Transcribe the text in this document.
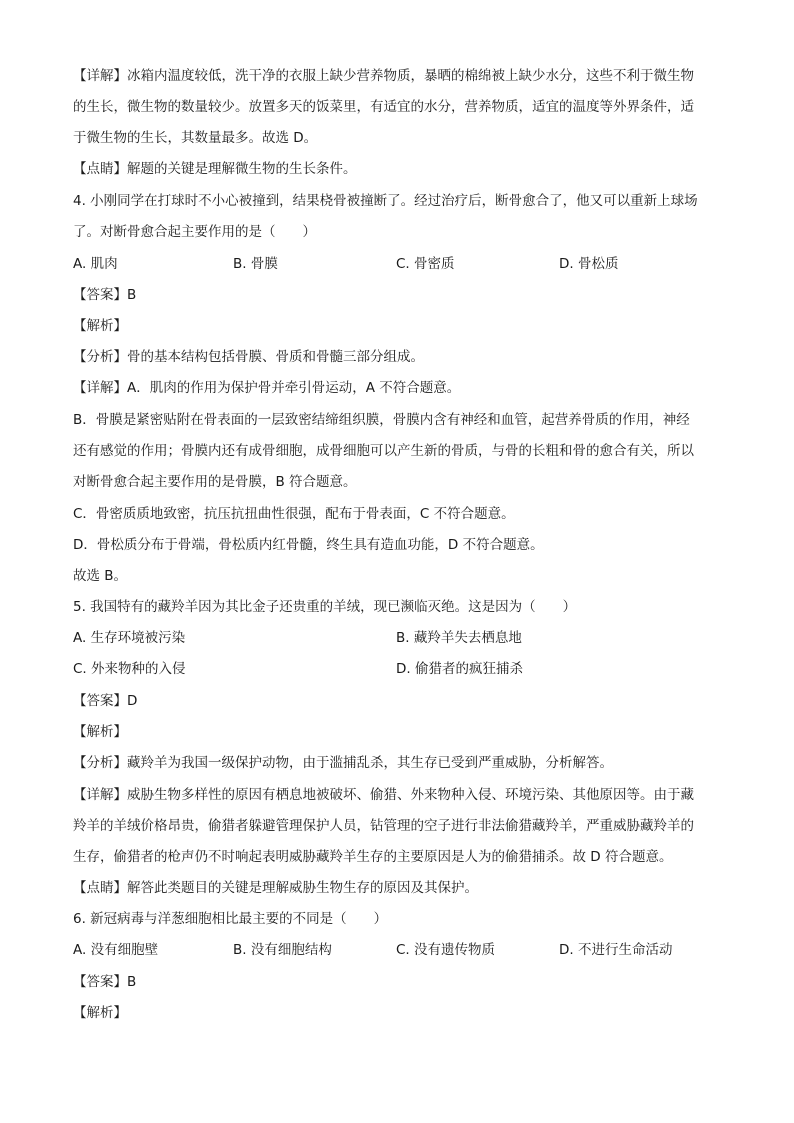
【详解】冰箱内温度较低，洗干净的衣服上缺少营养物质，暴晒的棉绵被上缺少水分，这些不利于微生物
的生长，微生物的数量较少。放置多天的饭菜里，有适宜的水分，营养物质，适宜的温度等外界条件，适
于微生物的生长，其数量最多。故选 D。
【点睛】解题的关键是理解微生物的生长条件。
4. 小刚同学在打球时不小心被撞到，结果桡骨被撞断了。经过治疗后，断骨愈合了，他又可以重新上球场
了。对断骨愈合起主要作用的是（　　）
A. 肌肉	B. 骨膜	C. 骨密质	D. 骨松质
【答案】B
【解析】
【分析】骨的基本结构包括骨膜、骨质和骨髓三部分组成。
【详解】A．肌肉的作用为保护骨并牵引骨运动，A 不符合题意。
B．骨膜是紧密贴附在骨表面的一层致密结缔组织膜，骨膜内含有神经和血管，起营养骨质的作用，神经
还有感觉的作用；骨膜内还有成骨细胞，成骨细胞可以产生新的骨质，与骨的长粗和骨的愈合有关，所以
对断骨愈合起主要作用的是骨膜，B 符合题意。
C．骨密质质地致密，抗压抗扭曲性很强，配布于骨表面，C 不符合题意。
D．骨松质分布于骨端，骨松质内红骨髓，终生具有造血功能，D 不符合题意。
故选 B。
5. 我国特有的藏羚羊因为其比金子还贵重的羊绒，现已濒临灭绝。这是因为（　　）
A. 生存环境被污染	B. 藏羚羊失去栖息地
C. 外来物种的入侵	D. 偷猎者的疯狂捕杀
【答案】D
【解析】
【分析】藏羚羊为我国一级保护动物，由于滥捕乱杀，其生存已受到严重威胁，分析解答。
【详解】威胁生物多样性的原因有栖息地被破坏、偷猎、外来物种入侵、环境污染、其他原因等。由于藏
羚羊的羊绒价格昂贵，偷猎者躲避管理保护人员，钻管理的空子进行非法偷猎藏羚羊，严重威胁藏羚羊的
生存，偷猎者的枪声仍不时响起表明威胁藏羚羊生存的主要原因是人为的偷猎捕杀。故 D 符合题意。
【点睛】解答此类题目的关键是理解威胁生物生存的原因及其保护。
6. 新冠病毒与洋葱细胞相比最主要的不同是（　　）
A. 没有细胞壁	B. 没有细胞结构	C. 没有遗传物质	D. 不进行生命活动
【答案】B
【解析】
